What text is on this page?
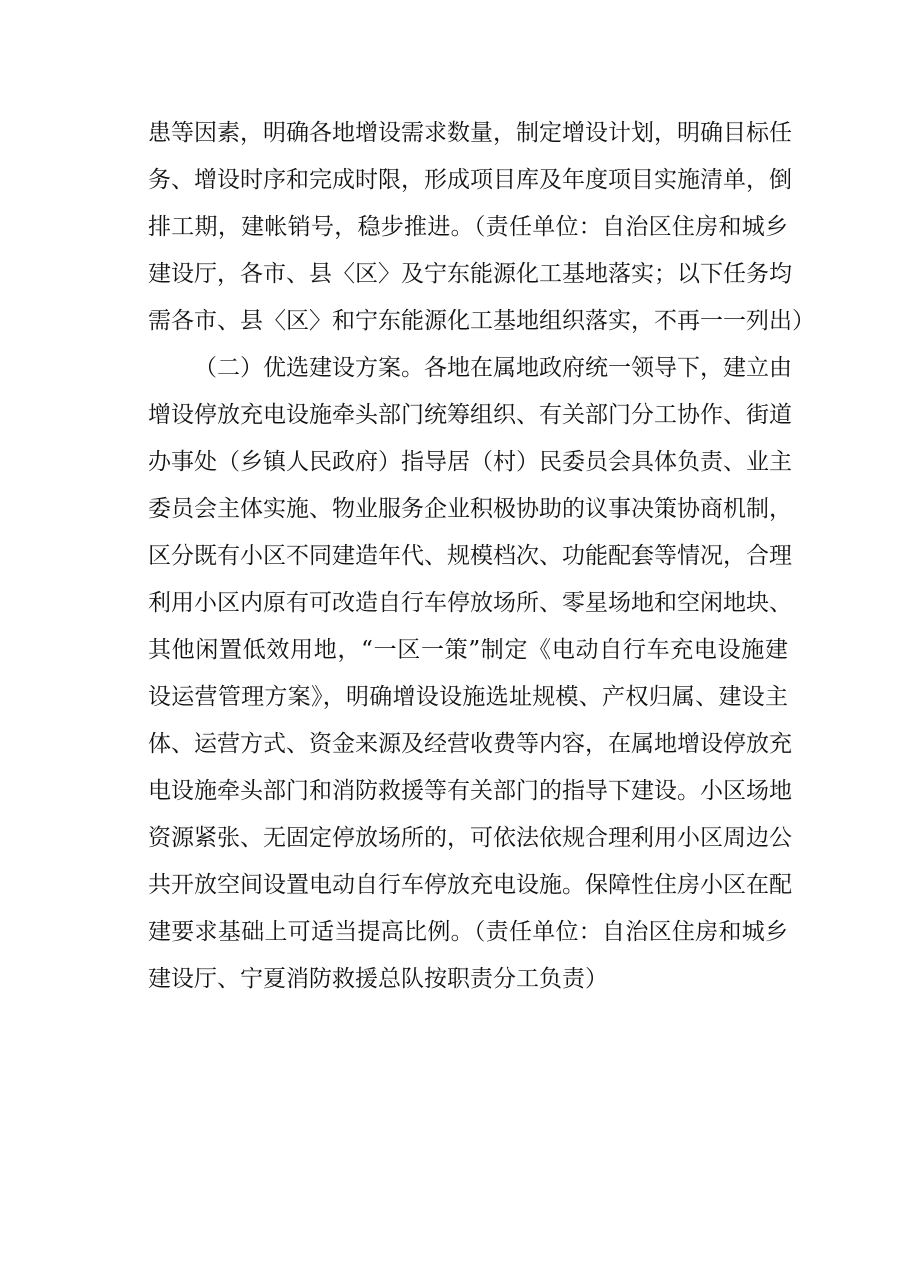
患等因素，明确各地增设需求数量，制定增设计划，明确目标任
务、增设时序和完成时限，形成项目库及年度项目实施清单，倒
排工期，建帐销号，稳步推进。（责任单位：自治区住房和城乡
建设厅，各市、县〈区〉及宁东能源化工基地落实；以下任务均
需各市、县〈区〉和宁东能源化工基地组织落实，不再一一列出）
（二）优选建设方案。各地在属地政府统一领导下，建立由
增设停放充电设施牵头部门统筹组织、有关部门分工协作、街道
办事处（乡镇人民政府）指导居（村）民委员会具体负责、业主
委员会主体实施、物业服务企业积极协助的议事决策协商机制，
区分既有小区不同建造年代、规模档次、功能配套等情况，合理
利用小区内原有可改造自行车停放场所、零星场地和空闲地块、
其他闲置低效用地，“一区一策”制定《电动自行车充电设施建
设运营管理方案》，明确增设设施选址规模、产权归属、建设主
体、运营方式、资金来源及经营收费等内容，在属地增设停放充
电设施牵头部门和消防救援等有关部门的指导下建设。小区场地
资源紧张、无固定停放场所的，可依法依规合理利用小区周边公
共开放空间设置电动自行车停放充电设施。保障性住房小区在配
建要求基础上可适当提高比例。（责任单位：自治区住房和城乡
建设厅、宁夏消防救援总队按职责分工负责）
